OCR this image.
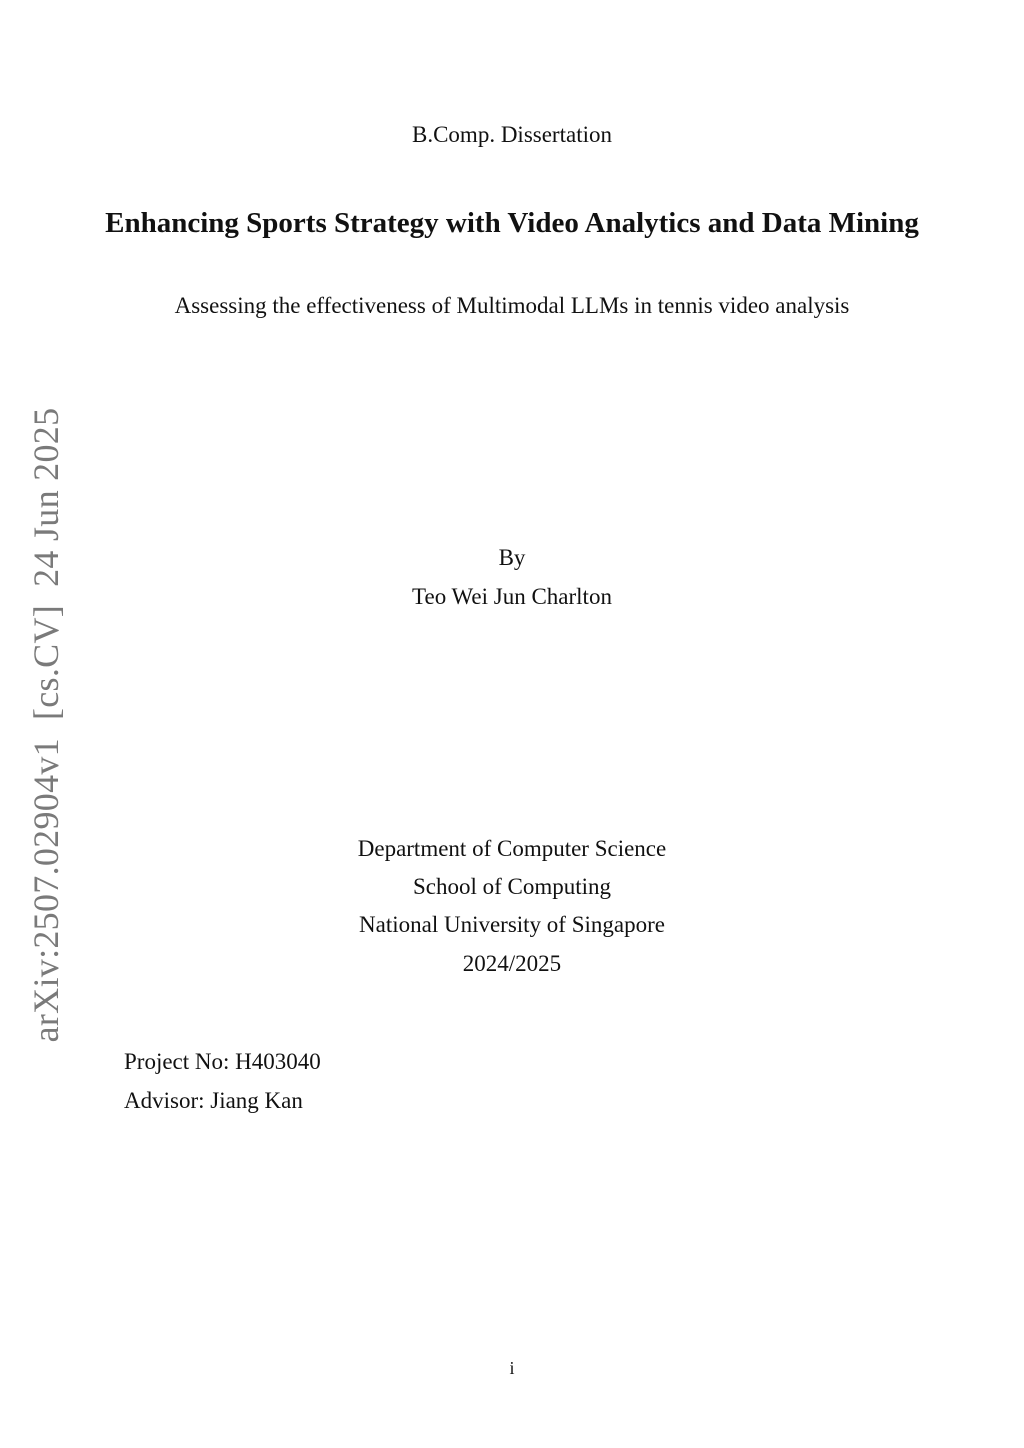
arXiv:2507.02904v1[cs.CV]24 Jun 2025
B.Comp. Dissertation
Enhancing Sports Strategy with Video Analytics and Data Mining
Assessing the effectiveness of Multimodal LLMs in tennis video analysis
By
Teo Wei Jun Charlton
Department of Computer Science
School of Computing
National University of Singapore
2024/2025
Project No: H403040
Advisor: Jiang Kan
i
